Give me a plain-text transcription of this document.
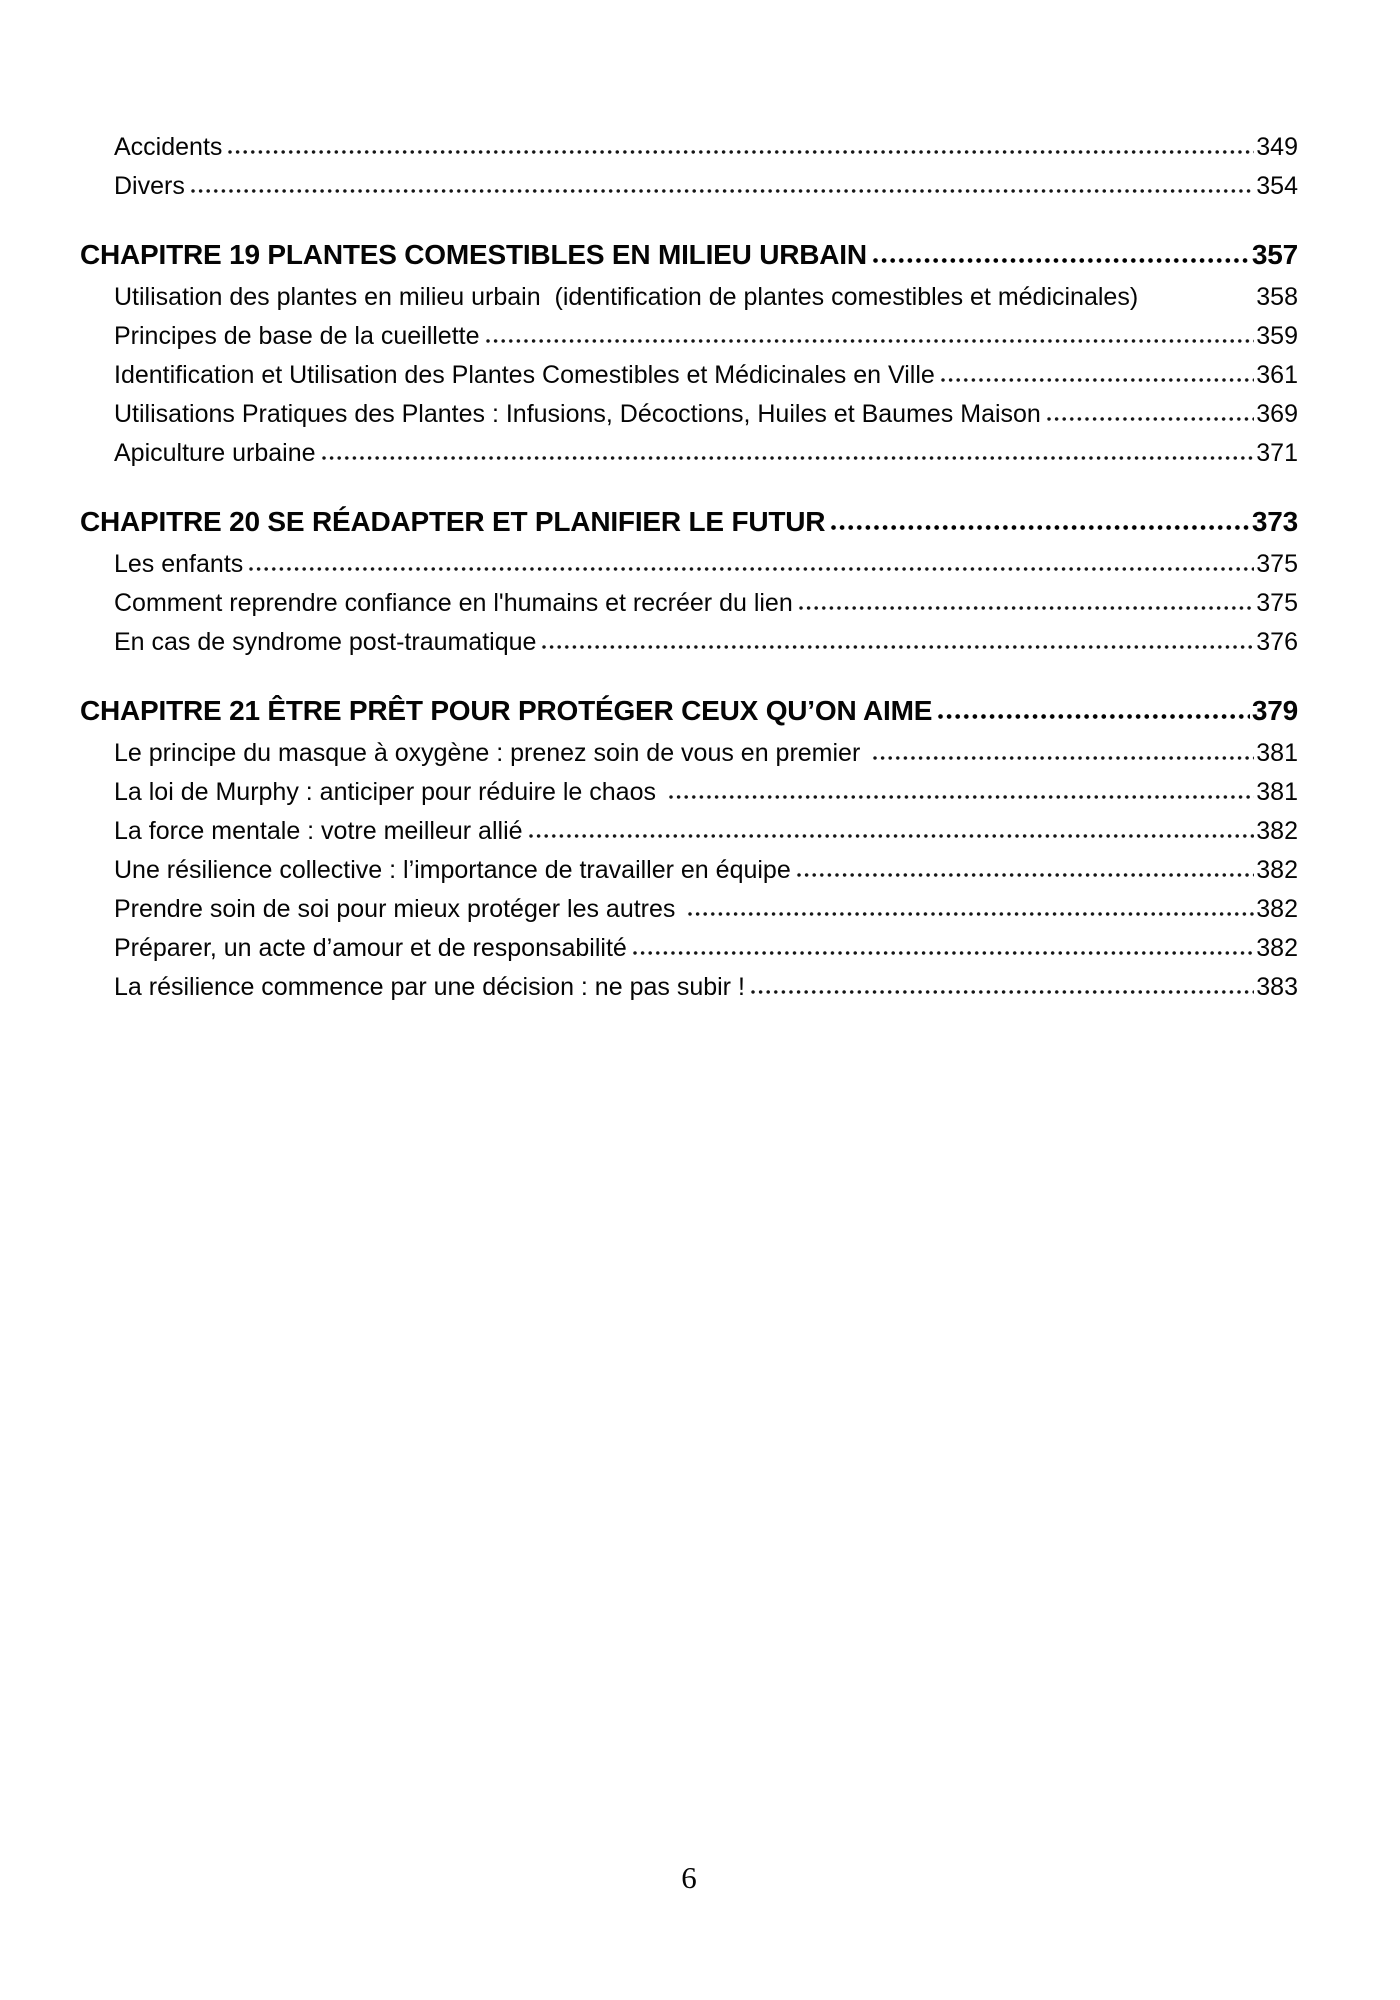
Accidents	349
Divers	354
CHAPITRE 19 PLANTES COMESTIBLES EN MILIEU URBAIN	357
Utilisation des plantes en milieu urbain  (identification de plantes comestibles et médicinales)	358
Principes de base de la cueillette	359
Identification et Utilisation des Plantes Comestibles et Médicinales en Ville	361
Utilisations Pratiques des Plantes : Infusions, Décoctions, Huiles et Baumes Maison	369
Apiculture urbaine	371
CHAPITRE 20 SE RÉADAPTER ET PLANIFIER LE FUTUR	373
Les enfants	375
Comment reprendre confiance en l'humains et recréer du lien	375
En cas de syndrome post-traumatique	376
CHAPITRE 21 ÊTRE PRÊT POUR PROTÉGER CEUX QU’ON AIME	379
Le principe du masque à oxygène : prenez soin de vous en premier	381
La loi de Murphy : anticiper pour réduire le chaos	381
La force mentale : votre meilleur allié	382
Une résilience collective : l’importance de travailler en équipe	382
Prendre soin de soi pour mieux protéger les autres	382
Préparer, un acte d’amour et de responsabilité	382
La résilience commence par une décision : ne pas subir !	383
6
